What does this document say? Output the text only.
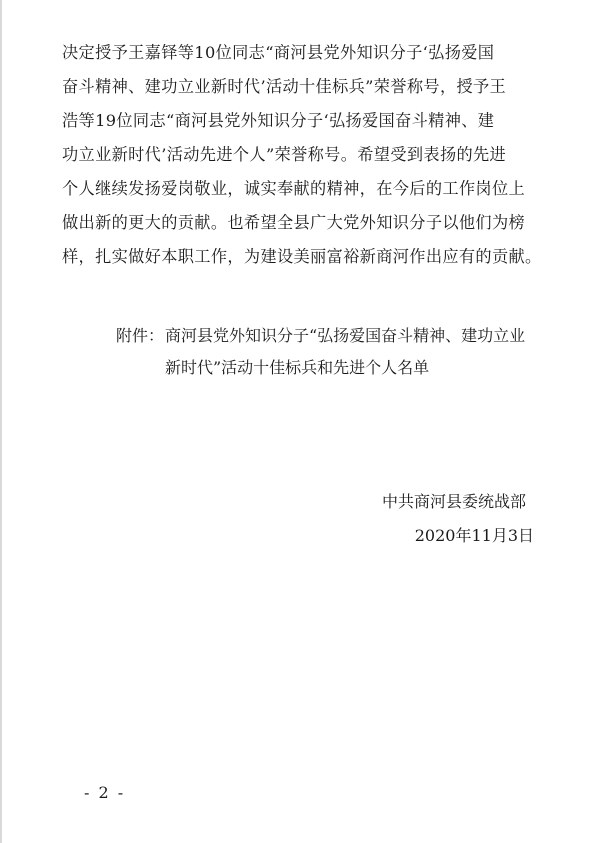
决定授予王嘉铎等10位同志“商河县党外知识分子‘弘扬爱国
奋斗精神、建功立业新时代’活动十佳标兵”荣誉称号，授予王
浩等19位同志“商河县党外知识分子‘弘扬爱国奋斗精神、建
功立业新时代’活动先进个人”荣誉称号。希望受到表扬的先进
个人继续发扬爱岗敬业，诚实奉献的精神，在今后的工作岗位上
做出新的更大的贡献。也希望全县广大党外知识分子以他们为榜
样，扎实做好本职工作，为建设美丽富裕新商河作出应有的贡献。
附件： 商河县党外知识分子“弘扬爱国奋斗精神、建功立业
新时代”活动十佳标兵和先进个人名单
中共商河县委统战部
2020年11月3日
- 2 -
